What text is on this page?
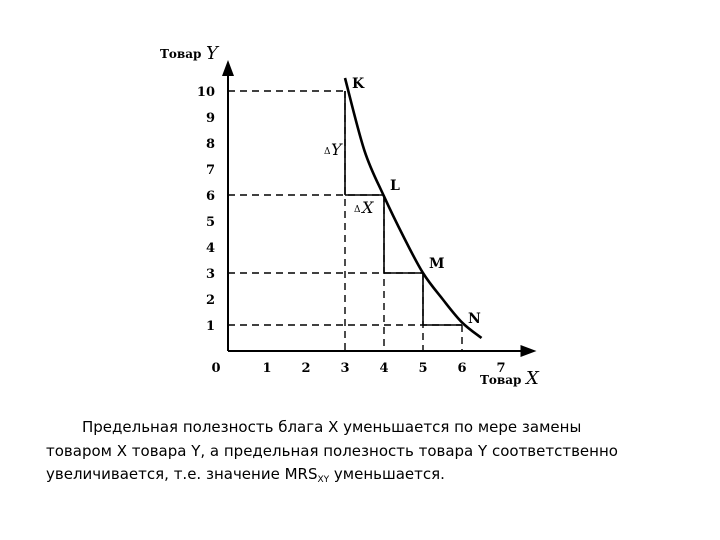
1
2
3
4
5
6
7
8
9
10
0	1 2 3 4 5 6 7
K
L
M
N
Товар Y
Товар X
Δ Y
Δ X

Предельная полезность блага X уменьшается по мере замены
товаром X товара Y, а предельная полезность товара Y соответственно
увеличивается, т.е. значение $MRS_{XY}$ уменьшается.
